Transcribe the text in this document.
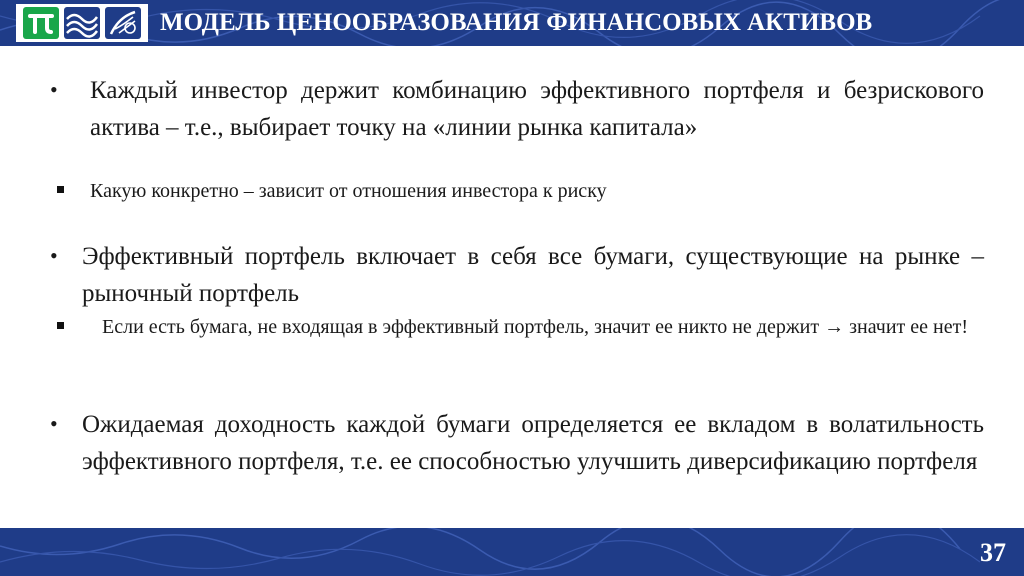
МОДЕЛЬ ЦЕНООБРАЗОВАНИЯ ФИНАНСОВЫХ АКТИВОВ
• Каждый инвестор держит комбинацию эффективного портфеля и безрискового актива – т.е., выбирает точку на «линии рынка капитала»
Какую конкретно – зависит от отношения инвестора к риску
• Эффективный портфель включает в себя все бумаги, существующие на рынке – рыночный портфель
Если есть бумага, не входящая в эффективный портфель, значит ее никто не держит → значит ее нет!
• Ожидаемая доходность каждой бумаги определяется ее вкладом в волатильность эффективного портфеля, т.е. ее способностью улучшить диверсификацию портфеля
37
